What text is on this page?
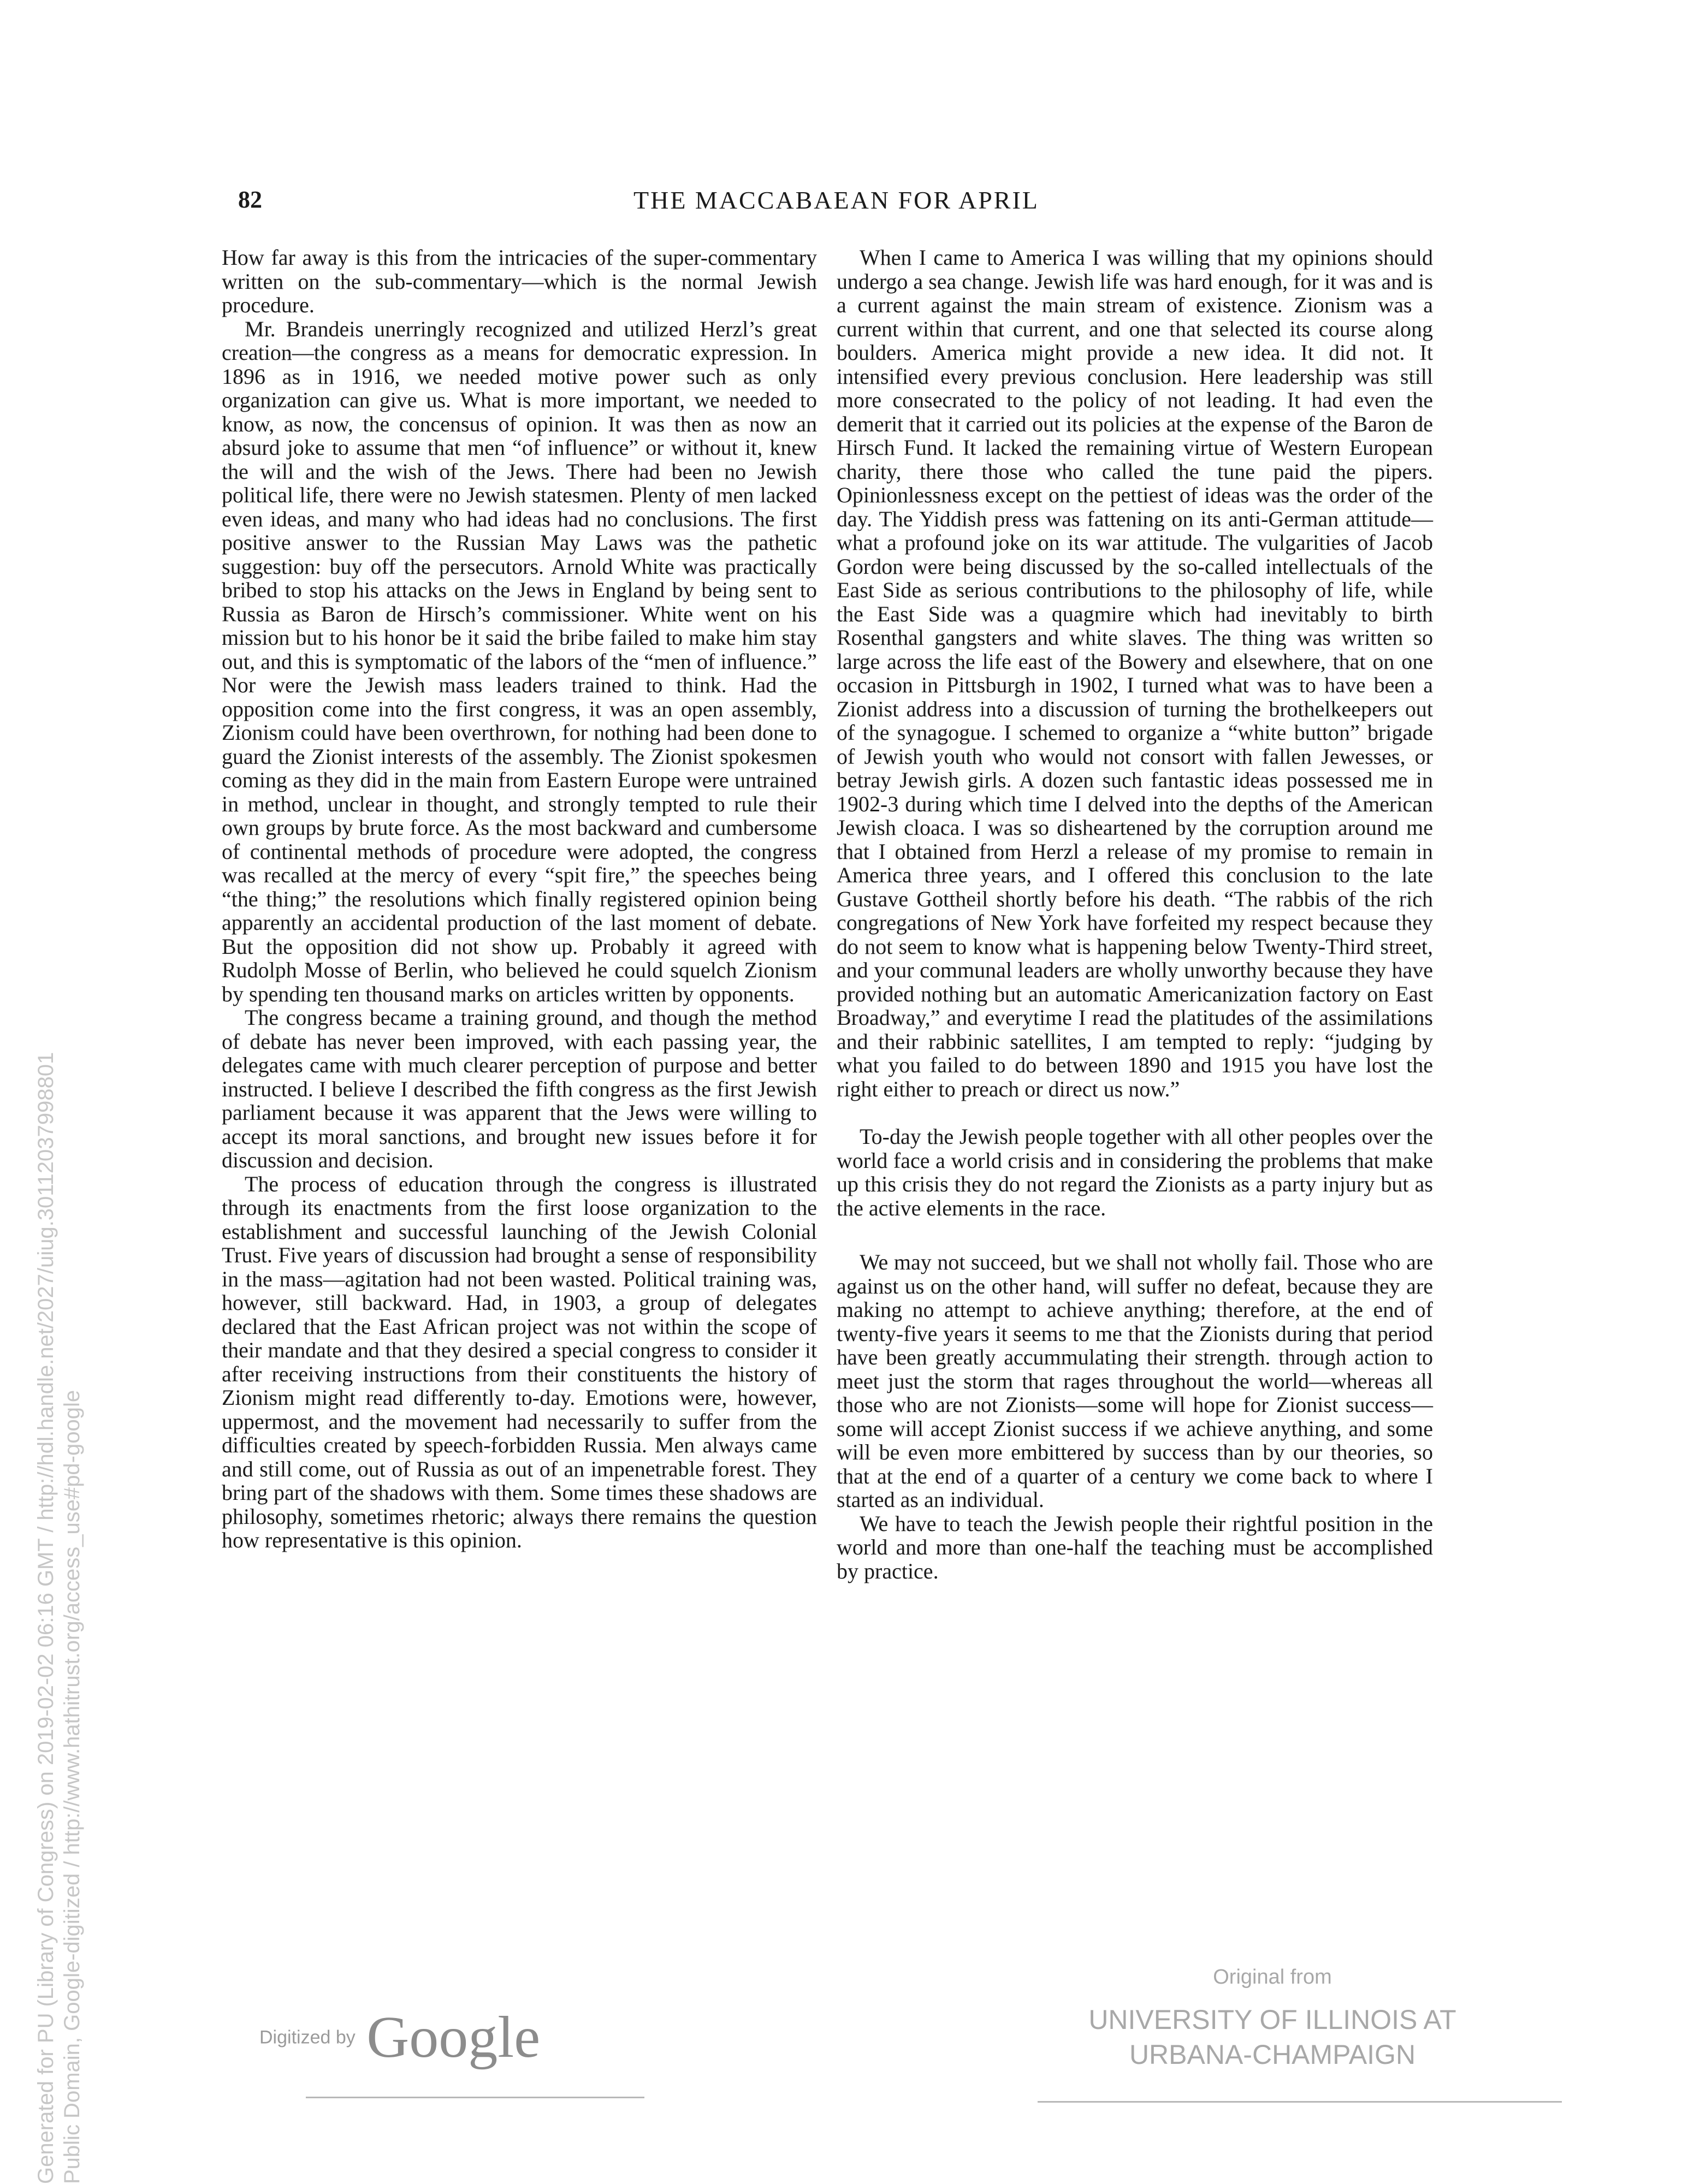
82	THE MACCABAEAN FOR APRIL

How far away is this from the intricacies of the super-commentary written on the sub-commentary—which is the normal Jewish procedure.

Mr. Brandeis unerringly recognized and utilized Herzl’s great creation—the congress as a means for democratic expression. In 1896 as in 1916, we needed motive power such as only organization can give us. What is more important, we needed to know, as now, the concensus of opinion. It was then as now an absurd joke to assume that men “of influence” or without it, knew the will and the wish of the Jews. There had been no Jewish political life, there were no Jewish statesmen. Plenty of men lacked even ideas, and many who had ideas had no conclusions. The first positive answer to the Russian May Laws was the pathetic suggestion: buy off the persecutors. Arnold White was practically bribed to stop his attacks on the Jews in England by being sent to Russia as Baron de Hirsch’s commissioner. White went on his mission but to his honor be it said the bribe failed to make him stay out, and this is symptomatic of the labors of the “men of influence.” Nor were the Jewish mass leaders trained to think. Had the opposition come into the first congress, it was an open assembly, Zionism could have been overthrown, for nothing had been done to guard the Zionist interests of the assembly. The Zionist spokesmen coming as they did in the main from Eastern Europe were untrained in method, unclear in thought, and strongly tempted to rule their own groups by brute force. As the most backward and cumbersome of continental methods of procedure were adopted, the congress was recalled at the mercy of every “spit fire,” the speeches being “the thing;” the resolutions which finally registered opinion being apparently an accidental production of the last moment of debate. But the opposition did not show up. Probably it agreed with Rudolph Mosse of Berlin, who believed he could squelch Zionism by spending ten thousand marks on articles written by opponents.

The congress became a training ground, and though the method of debate has never been improved, with each passing year, the delegates came with much clearer perception of purpose and better instructed. I believe I described the fifth congress as the first Jewish parliament because it was apparent that the Jews were willing to accept its moral sanctions, and brought new issues before it for discussion and decision.

The process of education through the congress is illustrated through its enactments from the first loose organization to the establishment and successful launching of the Jewish Colonial Trust. Five years of discussion had brought a sense of responsibility in the mass—agitation had not been wasted. Political training was, however, still backward. Had, in 1903, a group of delegates declared that the East African project was not within the scope of their mandate and that they desired a special congress to consider it after receiving instructions from their constituents the history of Zionism might read differently to-day. Emotions were, however, uppermost, and the movement had necessarily to suffer from the difficulties created by speech-forbidden Russia. Men always came and still come, out of Russia as out of an impenetrable forest. They bring part of the shadows with them. Some times these shadows are philosophy, sometimes rhetoric; always there remains the question how representative is this opinion.

When I came to America I was willing that my opinions should undergo a sea change. Jewish life was hard enough, for it was and is a current against the main stream of existence. Zionism was a current within that current, and one that selected its course along boulders. America might provide a new idea. It did not. It intensified every previous conclusion. Here leadership was still more consecrated to the policy of not leading. It had even the demerit that it carried out its policies at the expense of the Baron de Hirsch Fund. It lacked the remaining virtue of Western European charity, there those who called the tune paid the pipers. Opinionlessness except on the pettiest of ideas was the order of the day. The Yiddish press was fattening on its anti-German attitude—what a profound joke on its war attitude. The vulgarities of Jacob Gordon were being discussed by the so-called intellectuals of the East Side as serious contributions to the philosophy of life, while the East Side was a quagmire which had inevitably to birth Rosenthal gangsters and white slaves. The thing was written so large across the life east of the Bowery and elsewhere, that on one occasion in Pittsburgh in 1902, I turned what was to have been a Zionist address into a discussion of turning the brothelkeepers out of the synagogue. I schemed to organize a “white button” brigade of Jewish youth who would not consort with fallen Jewesses, or betray Jewish girls. A dozen such fantastic ideas possessed me in 1902-3 during which time I delved into the depths of the American Jewish cloaca. I was so disheartened by the corruption around me that I obtained from Herzl a release of my promise to remain in America three years, and I offered this conclusion to the late Gustave Gottheil shortly before his death. “The rabbis of the rich congregations of New York have forfeited my respect because they do not seem to know what is happening below Twenty-Third street, and your communal leaders are wholly unworthy because they have provided nothing but an automatic Americanization factory on East Broadway,” and everytime I read the platitudes of the assimilations and their rabbinic satellites, I am tempted to reply: “judging by what you failed to do between 1890 and 1915 you have lost the right either to preach or direct us now.”

To-day the Jewish people together with all other peoples over the world face a world crisis and in considering the problems that make up this crisis they do not regard the Zionists as a party injury but as the active elements in the race.

We may not succeed, but we shall not wholly fail. Those who are against us on the other hand, will suffer no defeat, because they are making no attempt to achieve anything; therefore, at the end of twenty-five years it seems to me that the Zionists during that period have been greatly accummulating their strength. through action to meet just the storm that rages throughout the world—whereas all those who are not Zionists—some will hope for Zionist success—some will accept Zionist success if we achieve anything, and some will be even more embittered by success than by our theories, so that at the end of a quarter of a century we come back to where I started as an individual.

We have to teach the Jewish people their rightful position in the world and more than one-half the teaching must be accomplished by practice.

Generated for PU (Library of Congress) on 2019-02-02 06:16 GMT / http://hdl.handle.net/2027/uiug.30112037998801 Public Domain, Google-digitized / http://www.hathitrust.org/access_use#pd-google	Digitized by Google
Original from
UNIVERSITY OF ILLINOIS AT
URBANA-CHAMPAIGN
